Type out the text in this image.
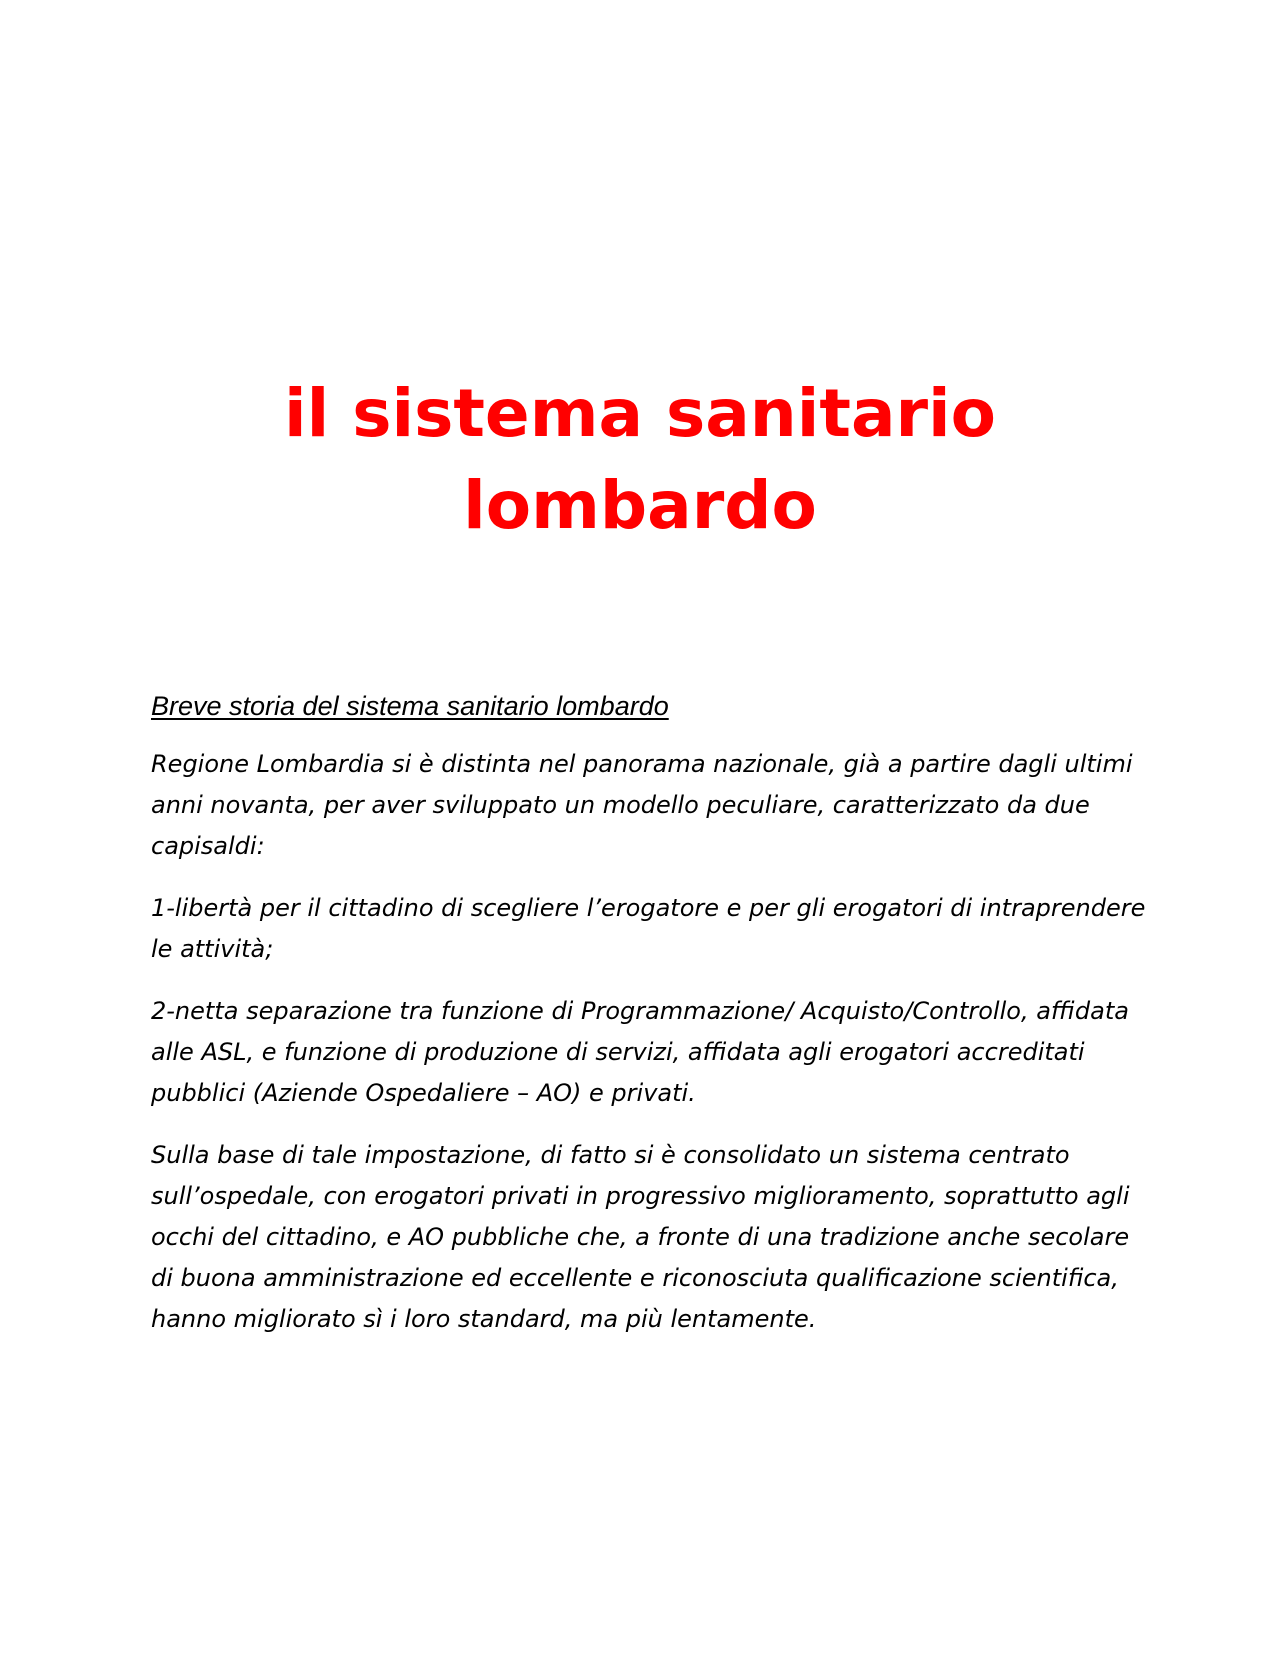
il sistema sanitario
lombardo

Breve storia del sistema sanitario lombardo

Regione Lombardia si è distinta nel panorama nazionale, già a partire dagli ultimi anni novanta, per aver sviluppato un modello peculiare, caratterizzato da due capisaldi:

1-libertà per il cittadino di scegliere l’erogatore e per gli erogatori di intraprendere le attività;

2-netta separazione tra funzione di Programmazione/ Acquisto/Controllo, affidata alle ASL, e funzione di produzione di servizi, affidata agli erogatori accreditati pubblici (Aziende Ospedaliere – AO) e privati.

Sulla base di tale impostazione, di fatto si è consolidato un sistema centrato sull’ospedale, con erogatori privati in progressivo miglioramento, soprattutto agli occhi del cittadino, e AO pubbliche che, a fronte di una tradizione anche secolare di buona amministrazione ed eccellente e riconosciuta qualificazione scientifica, hanno migliorato sì i loro standard, ma più lentamente.
